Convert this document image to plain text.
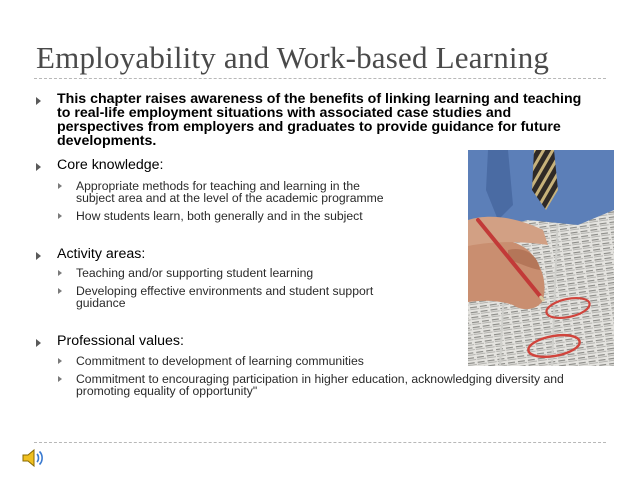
Employability and Work-based Learning
This chapter raises awareness of the benefits of linking learning and teaching to real-life employment situations with associated case studies and perspectives from employers and graduates to provide guidance for future developments.
Core knowledge:
Appropriate methods for teaching and learning in the subject area and at the level of the academic programme
How students learn, both generally and in the subject
Activity areas:
Teaching and/or supporting student learning
Developing effective environments and student support guidance
Professional values:
Commitment to development of learning communities
Commitment to encouraging participation in higher education, acknowledging diversity and promoting equality of opportunity"
